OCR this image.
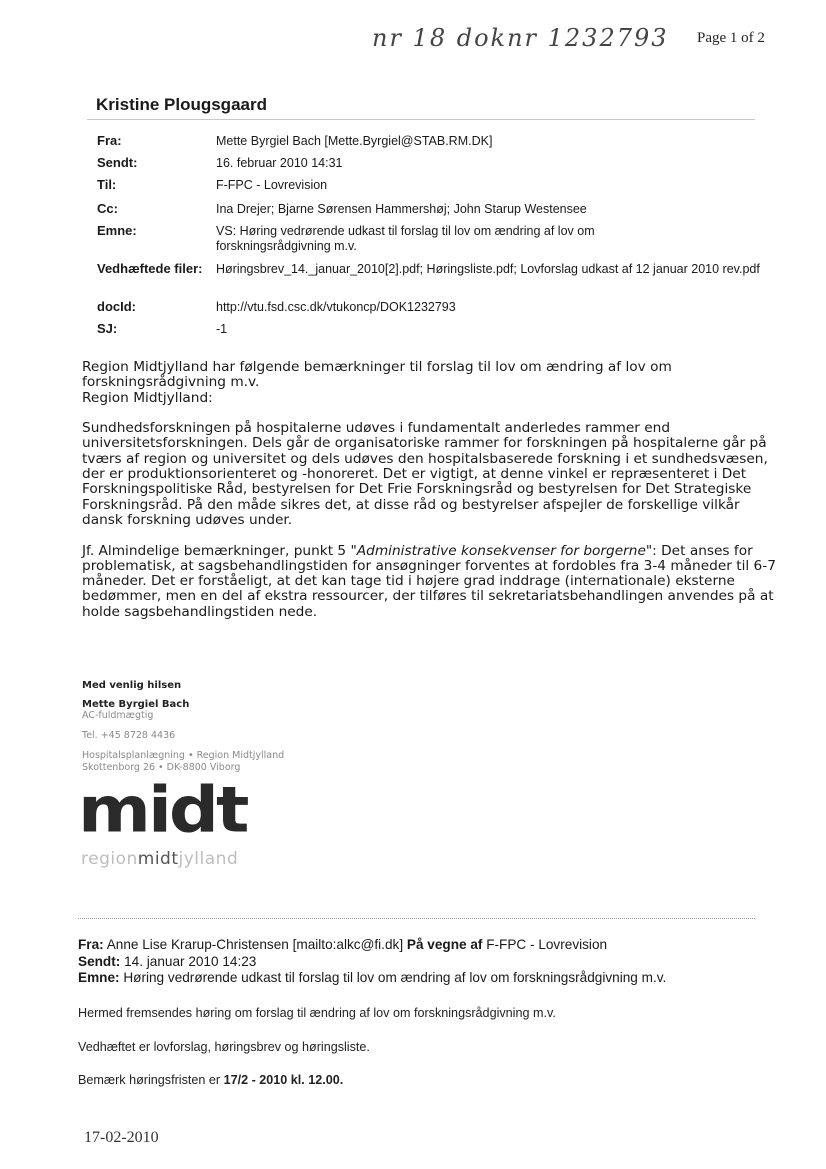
nr 18 doknr 1232793 Page 1 of 2
Kristine Plougsgaard
Fra:	Mette Byrgiel Bach [Mette.Byrgiel@STAB.RM.DK]
Sendt:	16. februar 2010 14:31
Til:	F-FPC - Lovrevision
Cc:	Ina Drejer; Bjarne Sørensen Hammershøj; John Starup Westensee
Emne:	VS: Høring vedrørende udkast til forslag til lov om ændring af lov om forskningsrådgivning m.v.
Vedhæftede filer: Høringsbrev_14._januar_2010[2].pdf; Høringsliste.pdf; Lovforslag udkast af 12 januar 2010 rev.pdf
docId:	http://vtu.fsd.csc.dk/vtukoncp/DOK1232793
SJ:	-1

Region Midtjylland har følgende bemærkninger til forslag til lov om ændring af lov om forskningsrådgivning m.v.

Region Midtjylland:

Sundhedsforskningen på hospitalerne udøves i fundamentalt anderledes rammer end universitetsforskningen. Dels går de organisatoriske rammer for forskningen på hospitalerne går på tværs af region og universitet og dels udøves den hospitalsbaserede forskning i et sundhedsvæsen, der er produktionsorienteret og -honoreret. Det er vigtigt, at denne vinkel er repræsenteret i Det Forskningspolitiske Råd, bestyrelsen for Det Frie Forskningsråd og bestyrelsen for Det Strategiske Forskningsråd. På den måde sikres det, at disse råd og bestyrelser afspejler de forskellige vilkår dansk forskning udøves under.

Jf. Almindelige bemærkninger, punkt 5 "Administrative konsekvenser for borgerne": Det anses for problematisk, at sagsbehandlingstiden for ansøgninger forventes at fordobles fra 3-4 måneder til 6-7 måneder. Det er forståeligt, at det kan tage tid i højere grad inddrage (internationale) eksterne bedømmer, men en del af ekstra ressourcer, der tilføres til sekretariatsbehandlingen anvendes på at holde sagsbehandlingstiden nede.

Med venlig hilsen
Mette Byrgiel Bach
AC-fuldmægtig
Tel. +45 8728 4436
Hospitalsplanlægning • Region Midtjylland
Skottenborg 26 • DK-8800 Viborg
midt
regionmidtjylland
Fra: Anne Lise Krarup-Christensen [mailto:alkc@fi.dk] På vegne af F-FPC - Lovrevision
Sendt: 14. januar 2010 14:23
Emne: Høring vedrørende udkast til forslag til lov om ændring af lov om forskningsrådgivning m.v.
Hermed fremsendes høring om forslag til ændring af lov om forskningsrådgivning m.v.
Vedhæftet er lovforslag, høringsbrev og høringsliste.
Bemærk høringsfristen er 17/2 - 2010 kl. 12.00.
17-02-2010
